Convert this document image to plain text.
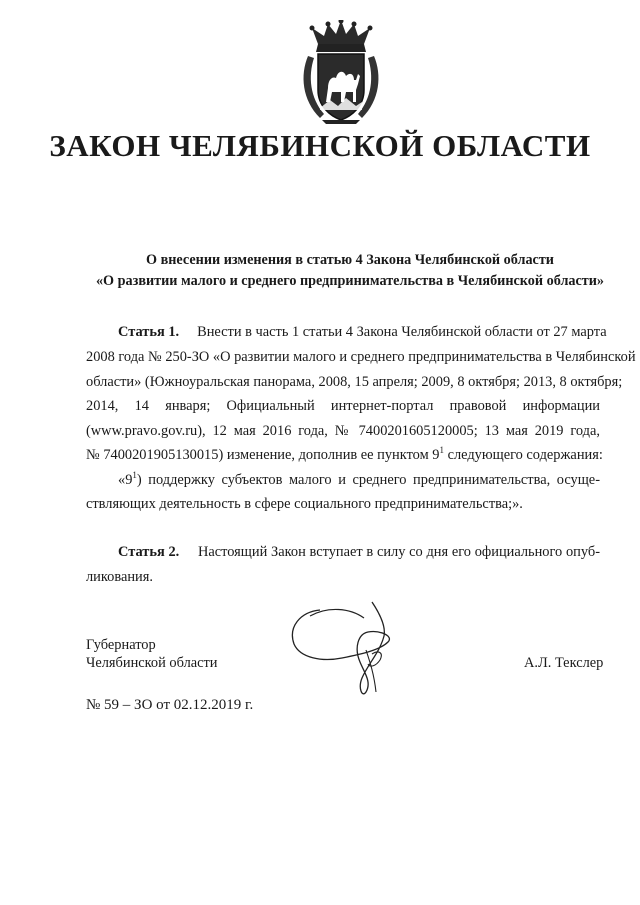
ЗАКОН ЧЕЛЯБИНСКОЙ ОБЛАСТИ
О внесении изменения в статью 4 Закона Челябинской области
«О развитии малого и среднего предпринимательства в Челябинской области»
Статья 1. Внести в часть 1 статьи 4 Закона Челябинской области от 27 марта
2008 года № 250-ЗО «О развитии малого и среднего предпринимательства в Челябинской
области» (Южноуральская панорама, 2008, 15 апреля; 2009, 8 октября; 2013, 8 октября;
2014, 14 января; Официальный интернет-портал правовой информации
(www.pravo.gov.ru), 12 мая 2016 года, № 7400201605120005; 13 мая 2019 года,
№ 7400201905130015) изменение, дополнив ее пунктом $9^1$ следующего содержания:
«$9^1$) поддержку субъектов малого и среднего предпринимательства, осуще-
ствляющих деятельность в сфере социального предпринимательства;».
Статья 2. Настоящий Закон вступает в силу со дня его официального опуб-
ликования.
Губернатор
Челябинской области	А.Л. Текслер
№ 59 – ЗО от 02.12.2019 г.
